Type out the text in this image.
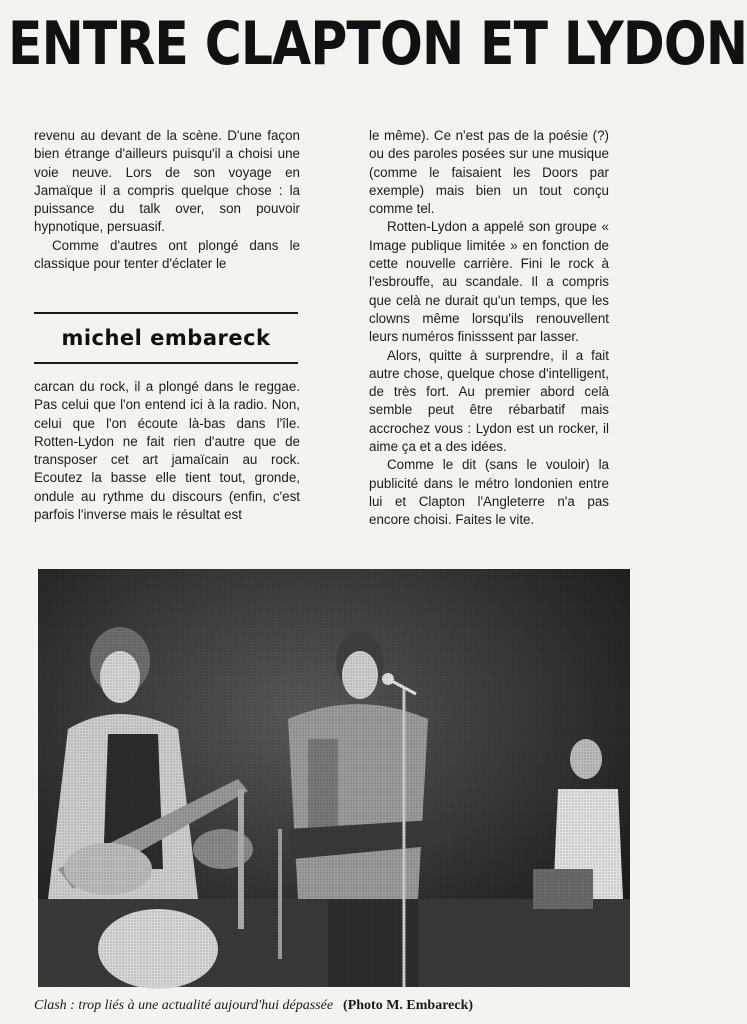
ENTRE CLAPTON ET LYDON

revenu au devant de la scène. D'une façon bien étrange d'ailleurs puisqu'il a choisi une voie neuve. Lors de son voyage en Jamaïque il a compris quelque chose : la puissance du talk over, son pouvoir hypnotique, persuasif.

Comme d'autres ont plongé dans le classique pour tenter d'éclater le

michel embareck

carcan du rock, il a plongé dans le reggae. Pas celui que l'on entend ici à la radio. Non, celui que l'on écoute là-bas dans l'île. Rotten-Lydon ne fait rien d'autre que de transposer cet art jamaïcain au rock. Ecoutez la basse elle tient tout, gronde, ondule au rythme du discours (enfin, c'est parfois l'inverse mais le résultat est

le même). Ce n'est pas de la poésie (?) ou des paroles posées sur une musique (comme le faisaient les Doors par exemple) mais bien un tout conçu comme tel.

Rotten-Lydon a appelé son groupe « Image publique limitée » en fonction de cette nouvelle carrière. Fini le rock à l'esbrouffe, au scandale. Il a compris que celà ne durait qu'un temps, que les clowns même lorsqu'ils renouvellent leurs numéros finisssent par lasser.

Alors, quitte à surprendre, il a fait autre chose, quelque chose d'intelligent, de très fort. Au premier abord celà semble peut être rébarbatif mais accrochez vous : Lydon est un rocker, il aime ça et a des idées.

Comme le dit (sans le vouloir) la publicité dans le métro londonien entre lui et Clapton l'Angleterre n'a pas encore choisi. Faites le vite.

Clash : trop liés à une actualité aujourd'hui dépassée (Photo M. Embareck)
